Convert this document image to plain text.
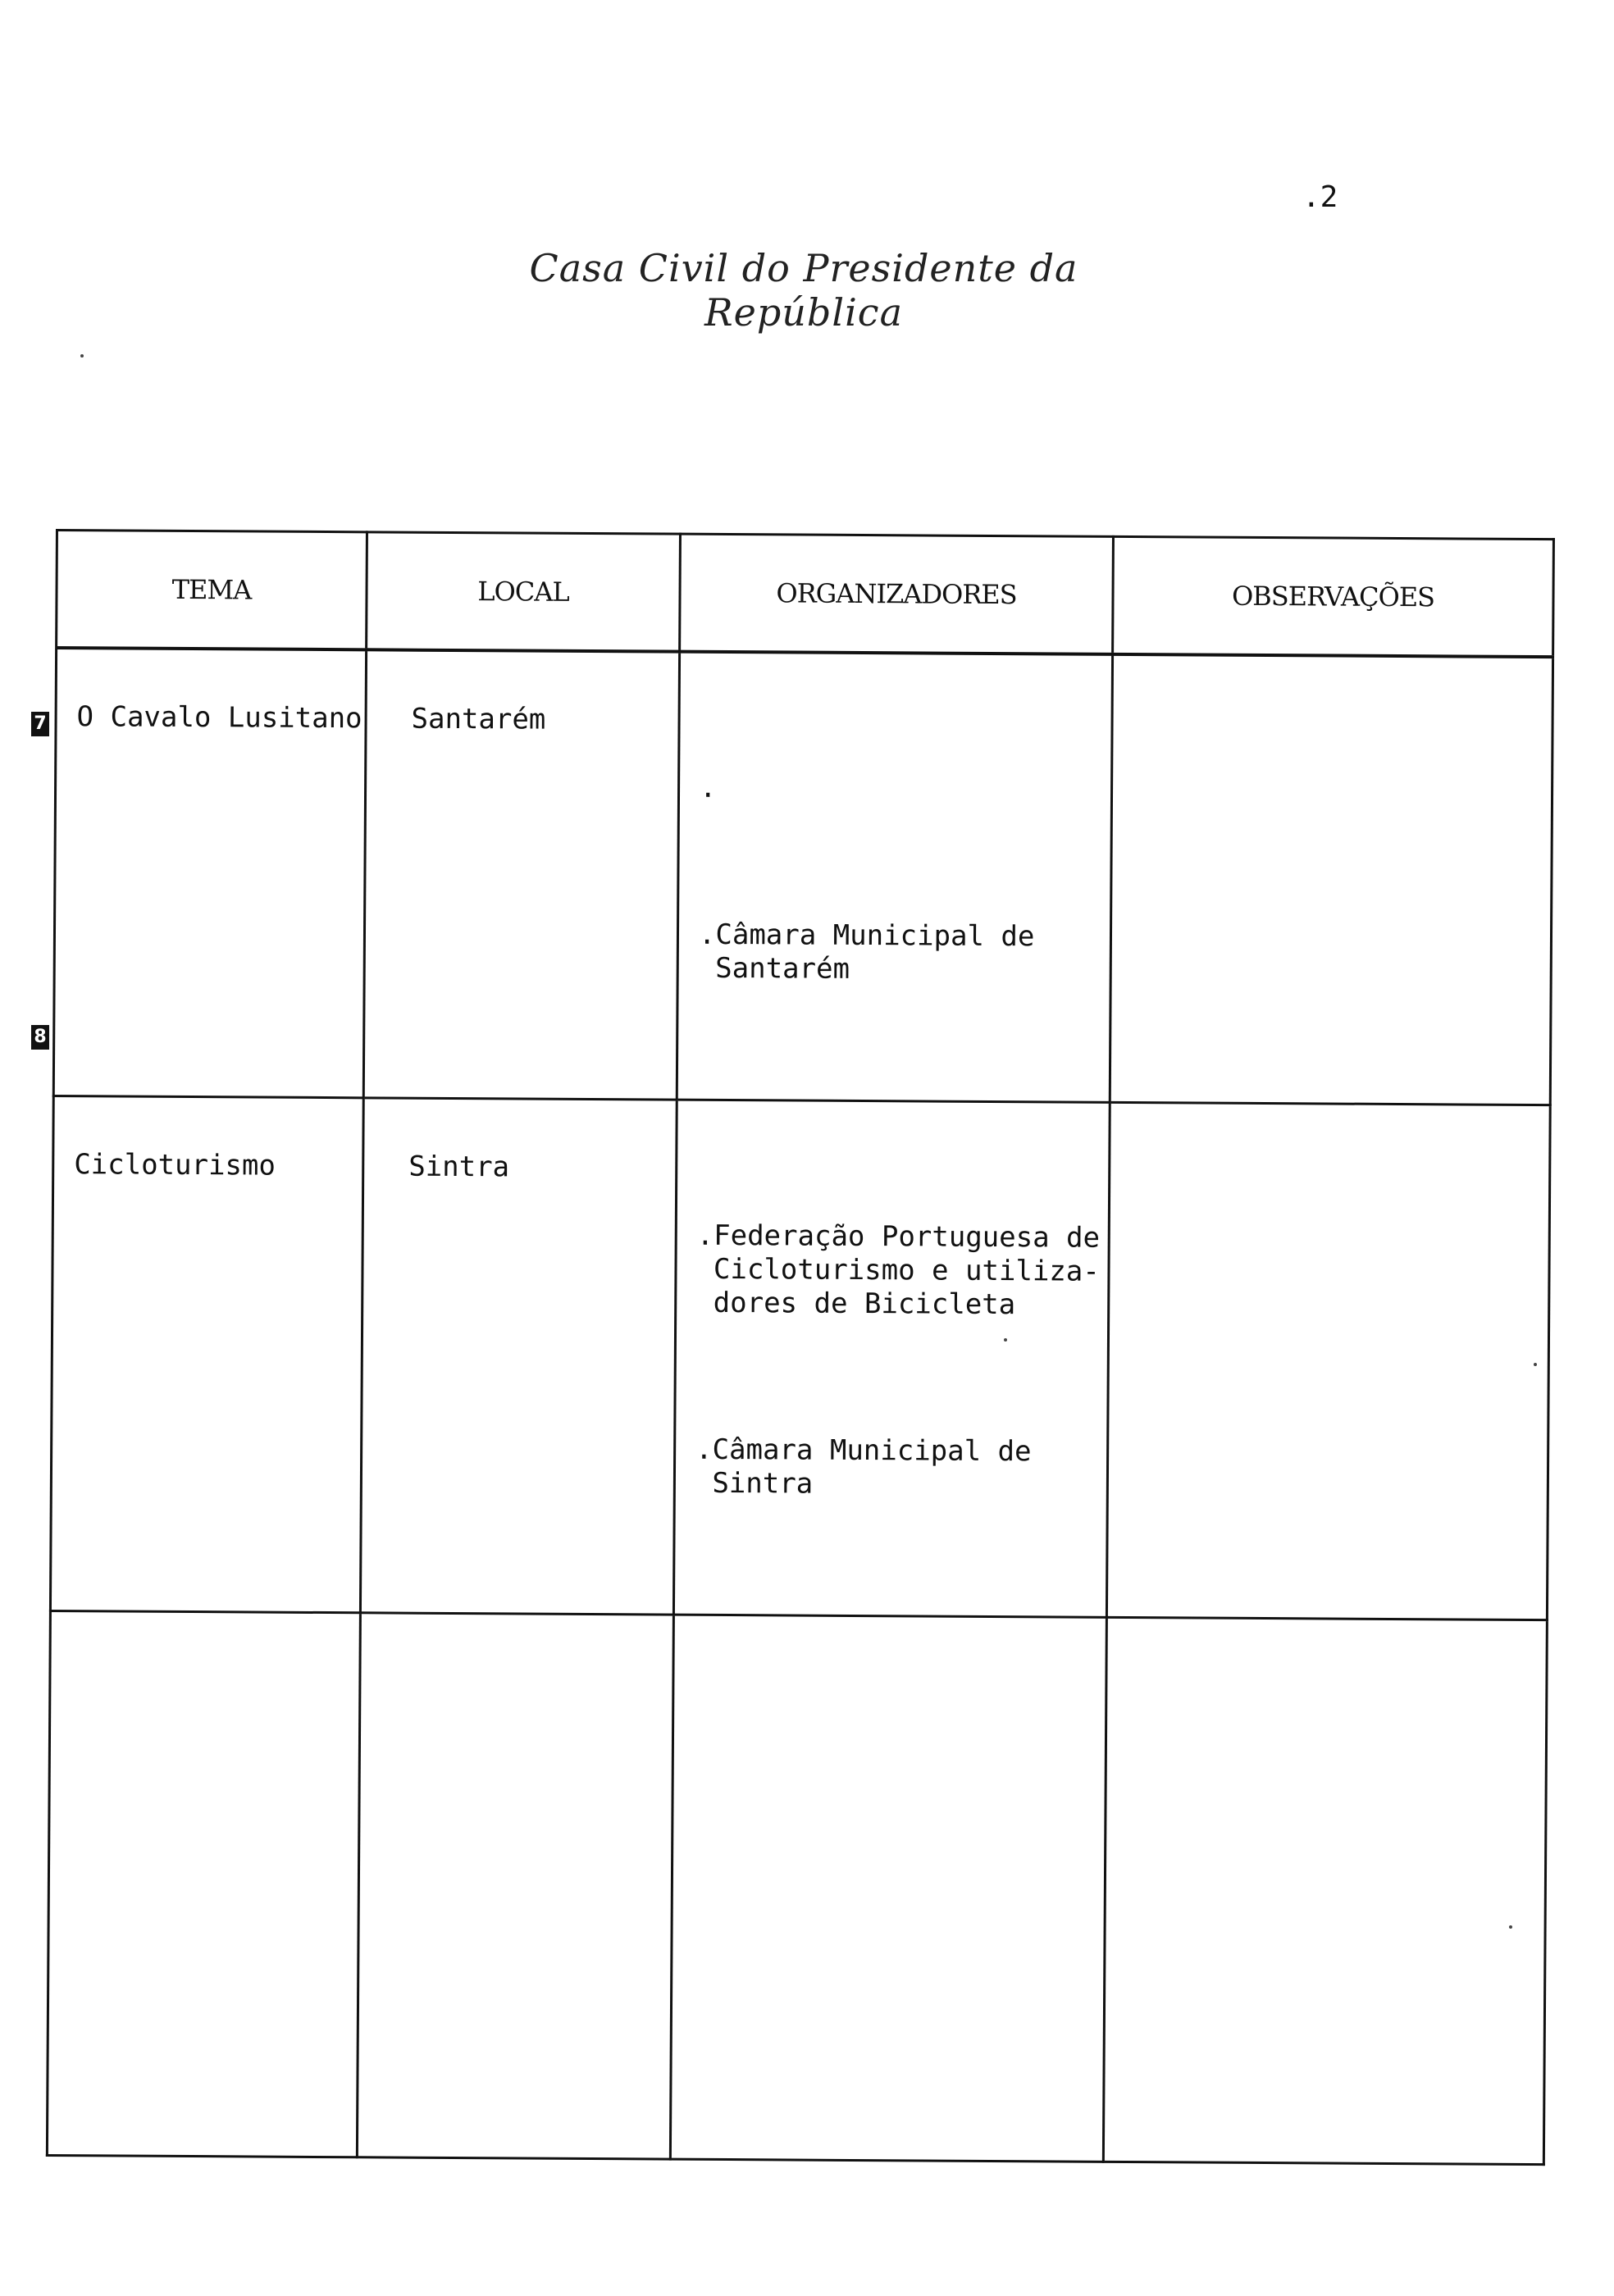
.2
Casa Civil do Presidente da República
7
8
TEMA	LOCAL	ORGANIZADORES	OBSERVAÇÕES
O Cavalo Lusitano	Santarém	.

.Câmara Municipal de
Santarém	

Cicloturismo	Sintra	.Federação Portuguesa de
Cicloturismo e utiliza-
dores de Bicicleta

.Câmara Municipal de
Sintra	
